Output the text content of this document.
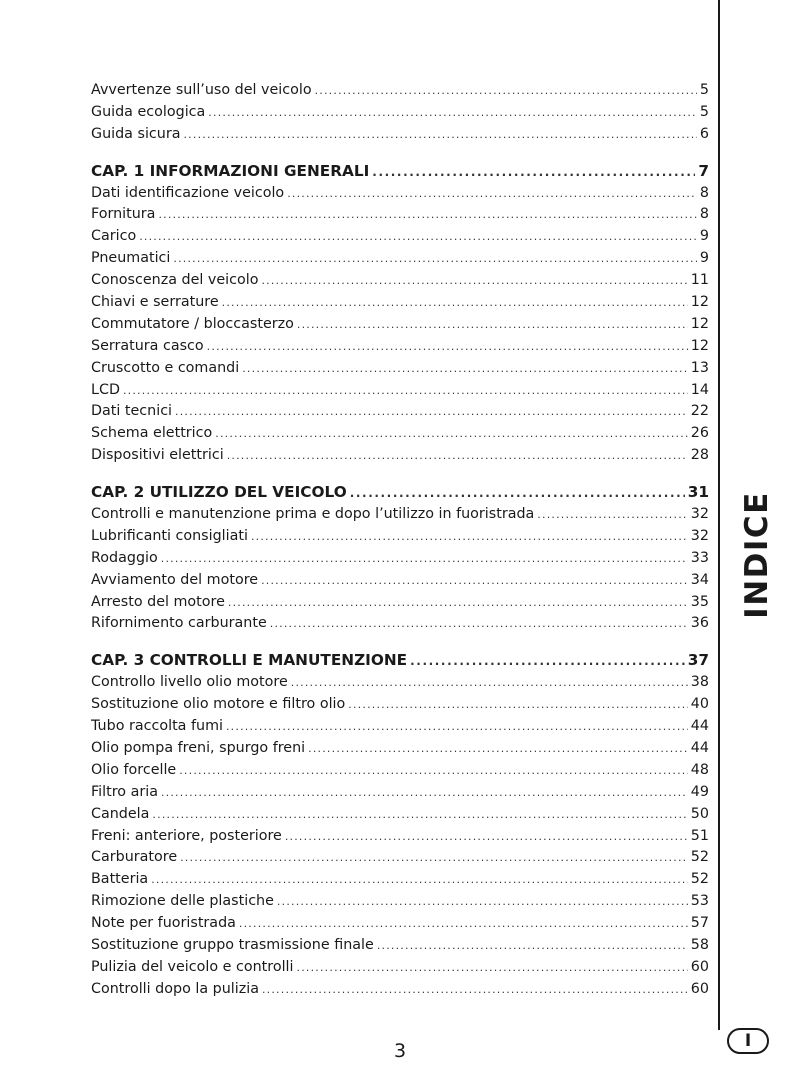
Avvertenze sull’uso del veicolo .....	5
Guida ecologica .....	5
Guida sicura .....	6
CAP. 1 INFORMAZIONI GENERALI .....	7
Dati identificazione veicolo .....	8
Fornitura .....	8
Carico .....	9
Pneumatici .....	9
Conoscenza del veicolo .....	11
Chiavi e serrature .....	12
Commutatore / bloccasterzo .....	12
Serratura casco .....	12
Cruscotto e comandi .....	13
LCD .....	14
Dati tecnici .....	22
Schema elettrico .....	26
Dispositivi elettrici .....	28
CAP. 2 UTILIZZO DEL VEICOLO .....	31
Controlli e manutenzione prima e dopo l’utilizzo in fuoristrada .....	32
Lubrificanti consigliati .....	32
Rodaggio .....	33
Avviamento del motore .....	34
Arresto del motore .....	35
Rifornimento carburante .....	36
CAP. 3 CONTROLLI E MANUTENZIONE .....	37
Controllo livello olio motore .....	38
Sostituzione olio motore e filtro olio .....	40
Tubo raccolta fumi .....	44
Olio pompa freni, spurgo freni .....	44
Olio forcelle .....	48
Filtro aria .....	49
Candela .....	50
Freni: anteriore, posteriore .....	51
Carburatore .....	52
Batteria .....	52
Rimozione delle plastiche .....	53
Note per fuoristrada .....	57
Sostituzione gruppo trasmissione finale .....	58
Pulizia del veicolo e controlli .....	60
Controlli dopo la pulizia .....	60
INDICE
I
3
